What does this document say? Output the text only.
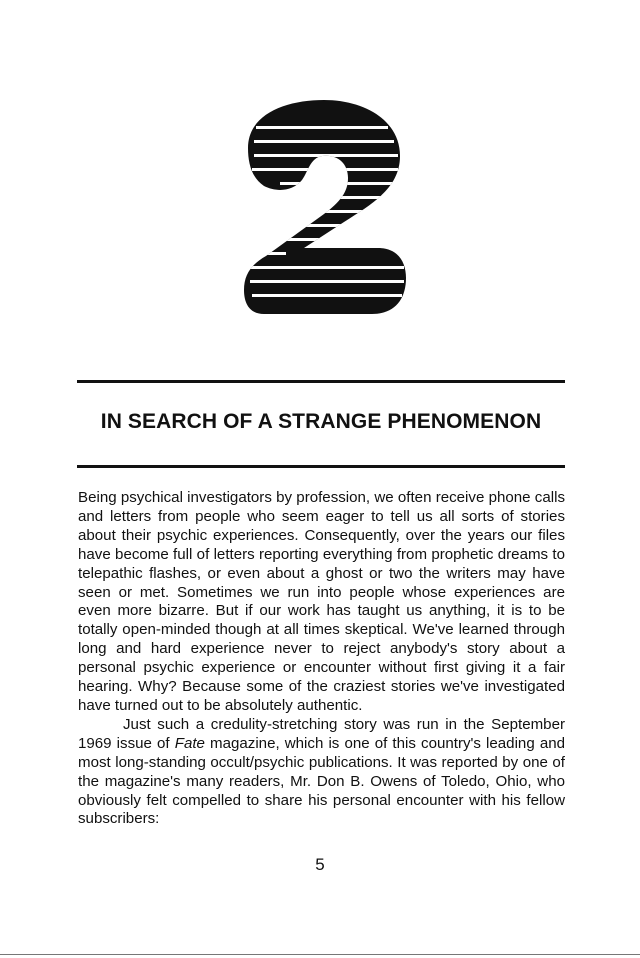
IN SEARCH OF A STRANGE PHENOMENON

Being psychical investigators by profession, we often receive phone calls and letters from people who seem eager to tell us all sorts of stories about their psychic experiences. Consequently, over the years our files have become full of letters reporting everything from prophetic dreams to telepathic flashes, or even about a ghost or two the writers may have seen or met. Sometimes we run into people whose experiences are even more bizarre. But if our work has taught us anything, it is to be totally open-minded though at all times skeptical. We've learned through long and hard experience never to reject anybody's story about a personal psychic experience or encounter without first giving it a fair hearing. Why? Because some of the craziest stories we've investigated have turned out to be absolutely authentic.

Just such a credulity-stretching story was run in the September 1969 issue of Fate magazine, which is one of this country's leading and most long-standing occult/psychic publications. It was reported by one of the magazine's many readers, Mr. Don B. Owens of Toledo, Ohio, who obviously felt compelled to share his personal encounter with his fellow subscribers:

5
